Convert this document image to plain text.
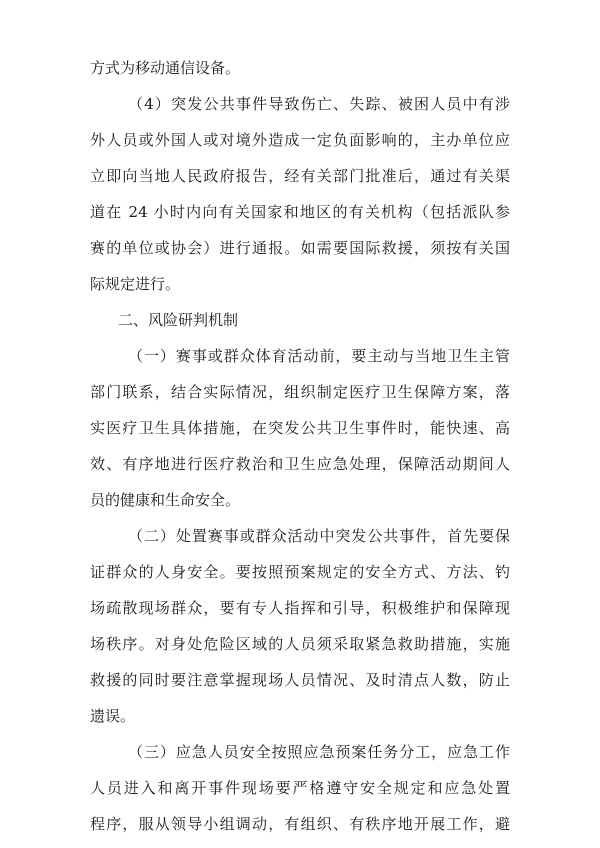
方式为移动通信设备。
（4）突发公共事件导致伤亡、失踪、被困人员中有涉
外人员或外国人或对境外造成一定负面影响的，主办单位应
立即向当地人民政府报告，经有关部门批准后，通过有关渠
道在 24 小时内向有关国家和地区的有关机构（包括派队参
赛的单位或协会）进行通报。如需要国际救援，须按有关国
际规定进行。
二、风险研判机制
（一）赛事或群众体育活动前，要主动与当地卫生主管
部门联系，结合实际情况，组织制定医疗卫生保障方案，落
实医疗卫生具体措施，在突发公共卫生事件时，能快速、高
效、有序地进行医疗救治和卫生应急处理，保障活动期间人
员的健康和生命安全。
（二）处置赛事或群众活动中突发公共事件，首先要保
证群众的人身安全。要按照预案规定的安全方式、方法、钓
场疏散现场群众，要有专人指挥和引导，积极维护和保障现
场秩序。对身处危险区域的人员须采取紧急救助措施，实施
救援的同时要注意掌握现场人员情况、及时清点人数，防止
遗误。
（三）应急人员安全按照应急预案任务分工，应急工作
人员进入和离开事件现场要严格遵守安全规定和应急处置
程序，服从领导小组调动，有组织、有秩序地开展工作，避
